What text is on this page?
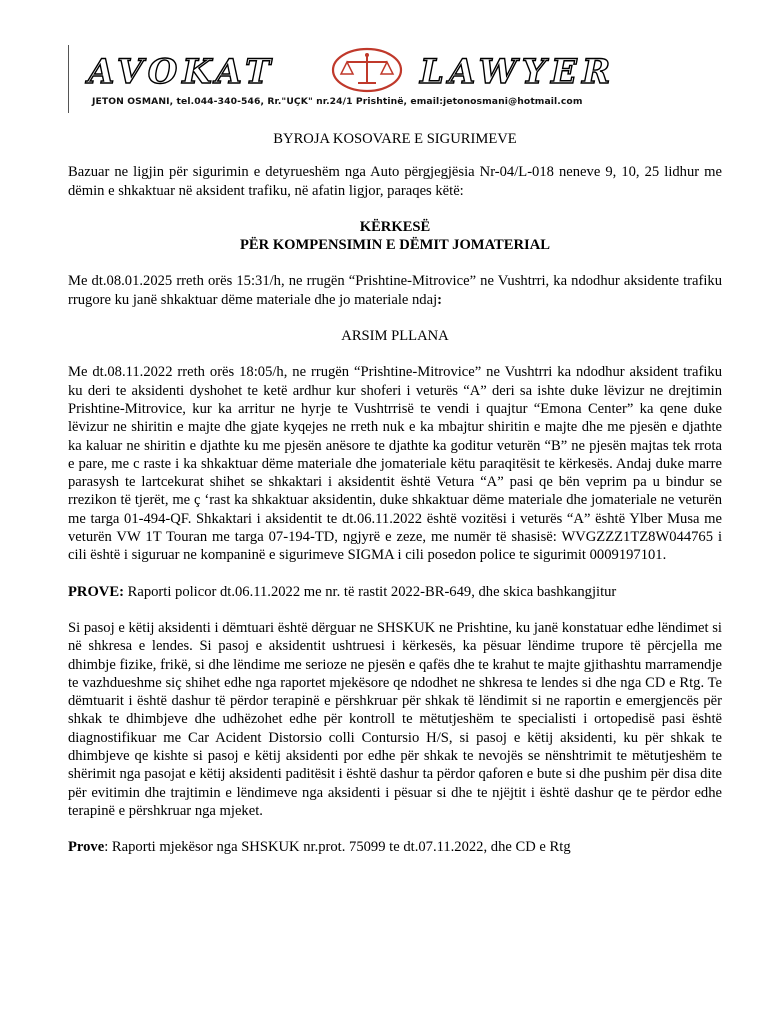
AVOKAT	LAWYER
JETON OSMANI, tel.044-340-546, Rr."UÇK" nr.24/1 Prishtinë, email:jetonosmani@hotmail.com

BYROJA KOSOVARE E SIGURIMEVE

Bazuar ne ligjin për sigurimin e detyrueshëm nga Auto përgjegjësia Nr-04/L-018 neneve 9, 10, 25 lidhur me dëmin e shkaktuar në aksident trafiku, në afatin ligjor, paraqes këtë:

KËRKESË

PËR KOMPENSIMIN E DËMIT JOMATERIAL

Me dt.08.01.2025 rreth orës 15:31/h, ne rrugën “Prishtine-Mitrovice” ne Vushtrri, ka ndodhur aksidente trafiku rrugore ku janë shkaktuar dëme materiale dhe jo materiale ndaj:

ARSIM PLLANA

Me dt.08.11.2022 rreth orës 18:05/h, ne rrugën “Prishtine-Mitrovice” ne Vushtrri ka ndodhur aksident trafiku ku deri te aksidenti dyshohet te ketë ardhur kur shoferi i veturës “A” deri sa ishte duke lëvizur ne drejtimin Prishtine-Mitrovice, kur ka arritur ne hyrje te Vushtrrisë te vendi i quajtur “Emona Center” ka qene duke lëvizur ne shiritin e majte dhe gjate kyqejes ne rreth nuk e ka mbajtur shiritin e majte dhe me pjesën e djathte ka kaluar ne shiritin e djathte ku me pjesën anësore te djathte ka goditur veturën “B” ne pjesën majtas tek rrota e pare, me c raste i ka shkaktuar dëme materiale dhe jomateriale këtu paraqitësit te kërkesës. Andaj duke marre parasysh te lartcekurat shihet se shkaktari i aksidentit është Vetura “A” pasi qe bën veprim pa u bindur se rrezikon të tjerët, me ç ‘rast ka shkaktuar aksidentin, duke shkaktuar dëme materiale dhe jomateriale ne veturën me targa 01-494-QF. Shkaktari i aksidentit te dt.06.11.2022 është vozitësi i veturës “A” është Ylber Musa me veturën VW 1T Touran me targa 07-194-TD, ngjyrë e zeze, me numër të shasisë: WVGZZZ1TZ8W044765 i cili është i siguruar ne kompaninë e sigurimeve SIGMA i cili posedon police te sigurimit 0009197101.

PROVE: Raporti policor dt.06.11.2022 me nr. të rastit 2022-BR-649, dhe skica bashkangjitur

Si pasoj e këtij aksidenti i dëmtuari është dërguar ne SHSKUK ne Prishtine, ku janë konstatuar edhe lëndimet si në shkresa e lendes. Si pasoj e aksidentit ushtruesi i kërkesës, ka pësuar lëndime trupore të përcjella me dhimbje fizike, frikë, si dhe lëndime me serioze ne pjesën e qafës dhe te krahut te majte gjithashtu marramendje te vazhdueshme siç shihet edhe nga raportet mjekësore qe ndodhet ne shkresa te lendes si dhe nga CD e Rtg. Te dëmtuarit i është dashur të përdor terapinë e përshkruar për shkak të lëndimit si ne raportin e emergjencës për shkak te dhimbjeve dhe udhëzohet edhe për kontroll te mëtutjeshëm te specialisti i ortopedisë pasi është diagnostifikuar me Car Acident Distorsio colli Contursio H/S, si pasoj e këtij aksidenti, ku për shkak te dhimbjeve qe kishte si pasoj e këtij aksidenti por edhe për shkak te nevojës se nënshtrimit te mëtutjeshëm te shërimit nga pasojat e këtij aksidenti paditësit i është dashur ta përdor qaforen e bute si dhe pushim për disa dite për evitimin dhe trajtimin e lëndimeve nga aksidenti i pësuar si dhe te njëjtit i është dashur qe te përdor edhe terapinë e përshkruar nga mjeket.

Prove: Raporti mjekësor nga SHSKUK nr.prot. 75099 te dt.07.11.2022, dhe CD e Rtg
